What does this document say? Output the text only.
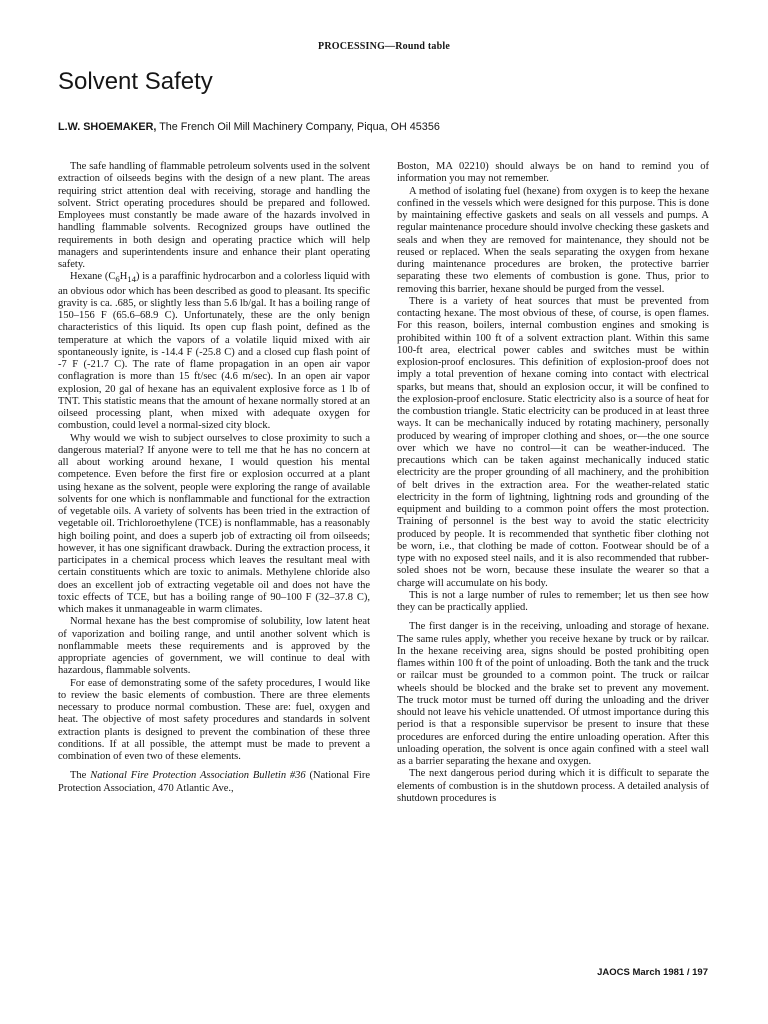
PROCESSING—Round table
Solvent Safety
L.W. SHOEMAKER, The French Oil Mill Machinery Company, Piqua, OH 45356

The safe handling of flammable petroleum solvents used in the solvent extraction of oilseeds begins with the design of a new plant. The areas requiring strict attention deal with receiving, storage and handling the solvent. Strict operating procedures should be prepared and followed. Employees must constantly be made aware of the hazards involved in handling flammable solvents. Recognized groups have outlined the requirements in both design and operating practice which will help managers and superintendents insure and enhance their plant operating safety.

Hexane $(C_6H_{14})$ is a paraffinic hydrocarbon and a colorless liquid with an obvious odor which has been described as good to pleasant. Its specific gravity is ca. .685, or slightly less than 5.6 lb/gal. It has a boiling range of 150–156 F (65.6–68.9 C). Unfortunately, these are the only benign characteristics of this liquid. Its open cup flash point, defined as the temperature at which the vapors of a volatile liquid mixed with air spontaneously ignite, is -14.4 F (-25.8 C) and a closed cup flash point of -7 F (-21.7 C). The rate of flame propagation in an open air vapor conflagration is more than 15 ft/sec (4.6 m/sec). In an open air vapor explosion, 20 gal of hexane has an equivalent explosive force as 1 lb of TNT. This statistic means that the amount of hexane normally stored at an oilseed processing plant, when mixed with adequate oxygen for combustion, could level a normal-sized city block.

Why would we wish to subject ourselves to close proximity to such a dangerous material? If anyone were to tell me that he has no concern at all about working around hexane, I would question his mental competence. Even before the first fire or explosion occurred at a plant using hexane as the solvent, people were exploring the range of available solvents for one which is nonflammable and functional for the extraction of vegetable oils. A variety of solvents has been tried in the extraction of vegetable oil. Trichloroethylene (TCE) is nonflammable, has a reasonably high boiling point, and does a superb job of extracting oil from oilseeds; however, it has one significant drawback. During the extraction process, it participates in a chemical process which leaves the resultant meal with certain constituents which are toxic to animals. Methylene chloride also does an excellent job of extracting vegetable oil and does not have the toxic effects of TCE, but has a boiling range of 90–100 F (32–37.8 C), which makes it unmanageable in warm climates.

Normal hexane has the best compromise of solubility, low latent heat of vaporization and boiling range, and until another solvent which is nonflammable meets these requirements and is approved by the appropriate agencies of government, we will continue to deal with hazardous, flammable solvents.

For ease of demonstrating some of the safety procedures, I would like to review the basic elements of combustion. There are three elements necessary to produce normal combustion. These are: fuel, oxygen and heat. The objective of most safety procedures and standards in solvent extraction plants is designed to prevent the combination of these three conditions. If at all possible, the attempt must be made to prevent a combination of even two of these elements.

The National Fire Protection Association Bulletin #36 (National Fire Protection Association, 470 Atlantic Ave.,

Boston, MA 02210) should always be on hand to remind you of information you may not remember.

A method of isolating fuel (hexane) from oxygen is to keep the hexane confined in the vessels which were designed for this purpose. This is done by maintaining effective gaskets and seals on all vessels and pumps. A regular maintenance procedure should involve checking these gaskets and seals and when they are removed for maintenance, they should not be reused or replaced. When the seals separating the oxygen from hexane during maintenance procedures are broken, the protective barrier separating these two elements of combustion is gone. Thus, prior to removing this barrier, hexane should be purged from the vessel.

There is a variety of heat sources that must be prevented from contacting hexane. The most obvious of these, of course, is open flames. For this reason, boilers, internal combustion engines and smoking is prohibited within 100 ft of a solvent extraction plant. Within this same 100-ft area, electrical power cables and switches must be within explosion-proof enclosures. This definition of explosion-proof does not imply a total prevention of hexane coming into contact with electrical sparks, but means that, should an explosion occur, it will be confined to the explosion-proof enclosure. Static electricity also is a source of heat for the combustion triangle. Static electricity can be produced in at least three ways. It can be mechanically induced by rotating machinery, personally produced by wearing of improper clothing and shoes, or—the one source over which we have no control—it can be weather-induced. The precautions which can be taken against mechanically induced static electricity are the proper grounding of all machinery, and the prohibition of belt drives in the extraction area. For the weather-related static electricity in the form of lightning, lightning rods and grounding of the equipment and building to a common point offers the most protection. Training of personnel is the best way to avoid the static electricity produced by people. It is recommended that synthetic fiber clothing not be worn, i.e., that clothing be made of cotton. Footwear should be of a type with no exposed steel nails, and it is also recommended that rubber-soled shoes not be worn, because these insulate the wearer so that a charge will accumulate on his body.

This is not a large number of rules to remember; let us then see how they can be practically applied.

The first danger is in the receiving, unloading and storage of hexane. The same rules apply, whether you receive hexane by truck or by railcar. In the hexane receiving area, signs should be posted prohibiting open flames within 100 ft of the point of unloading. Both the tank and the truck or railcar must be grounded to a common point. The truck or railcar wheels should be blocked and the brake set to prevent any movement. The truck motor must be turned off during the unloading and the driver should not leave his vehicle unattended. Of utmost importance during this period is that a responsible supervisor be present to insure that these procedures are enforced during the entire unloading operation. After this unloading operation, the solvent is once again confined with a steel wall as a barrier separating the hexane and oxygen.

The next dangerous period during which it is difficult to separate the elements of combustion is in the shutdown process. A detailed analysis of shutdown procedures is

JAOCS March 1981 / 197
